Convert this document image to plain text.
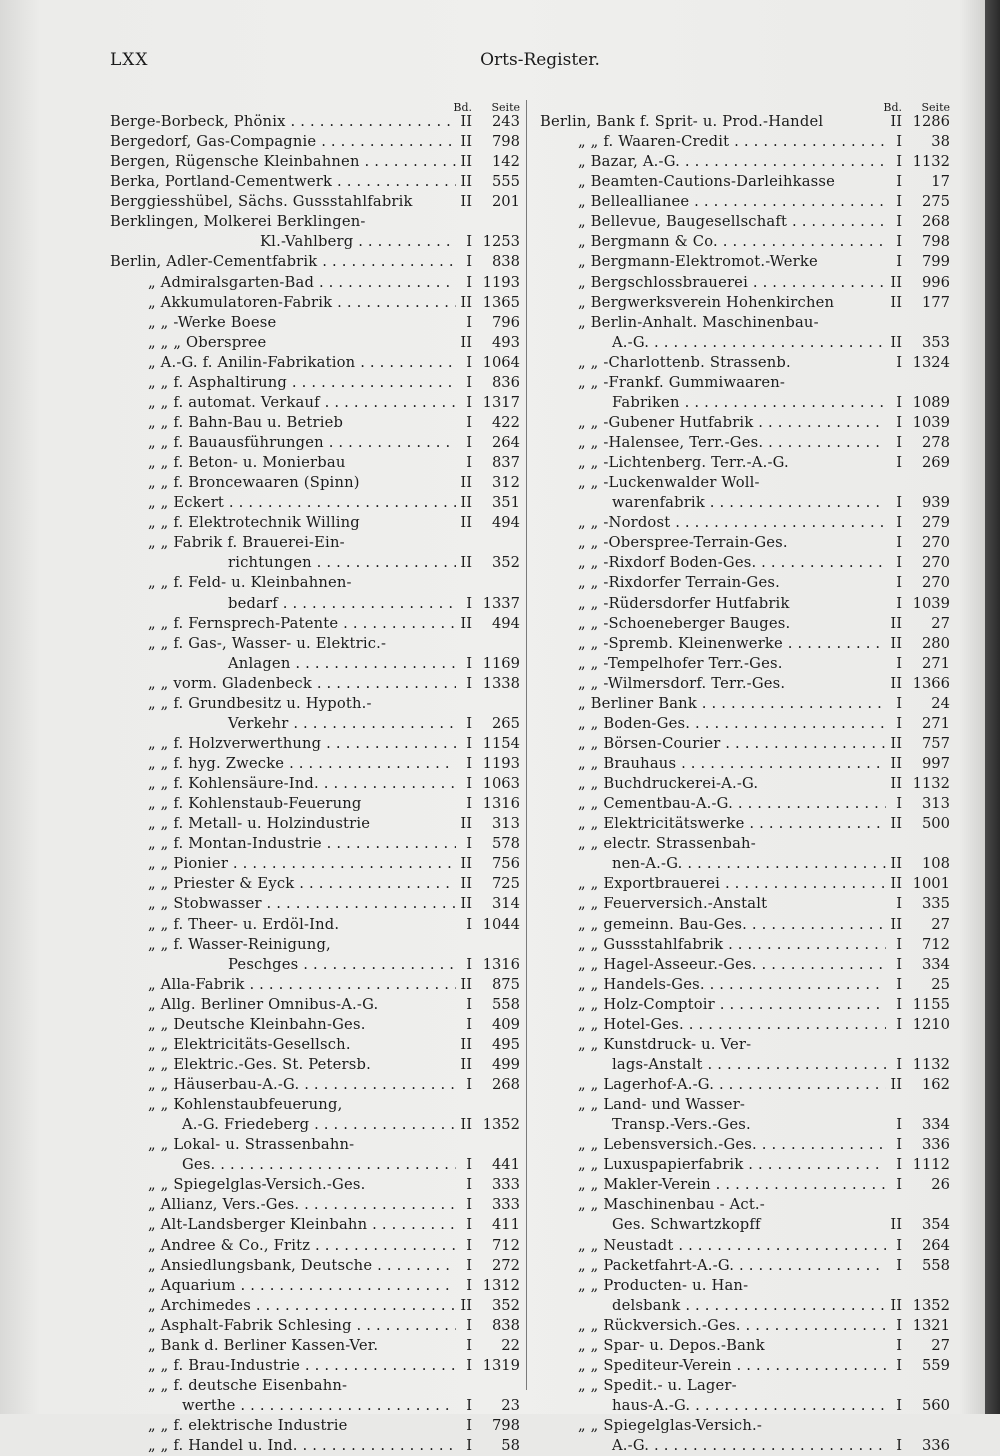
LXX	Orts-Register.
Bd. Seite
Berge-Borbeck, Phönix . . .	II	243
Bergedorf, Gas-Compagnie . . .	II	798
Bergen, Rügensche Kleinbahnen . . .	II	142
Berka, Portland-Cementwerk . . .	II	555
Berggiesshübel, Sächs. Gussstahlfabrik	II	201
Berklingen, Molkerei Berklingen-
Kl.-Vahlberg . . .	I 1253
Berlin, Adler-Cementfabrik . . .	I	838
„ Admiralsgarten-Bad . . .	I 1193
„ Akkumulatoren-Fabrik . . .	II 1365
„ „ -Werke Boese	I	796
„ „ „ Oberspree	II	493
„ A.-G. f. Anilin-Fabrikation . . .	I 1064
„ „ f. Asphaltirung . . .	I	836
„ „ f. automat. Verkauf . . .	I 1317
„ „ f. Bahn-Bau u. Betrieb	I	422
„ „ f. Bauausführungen . . .	I	264
„ „ f. Beton- u. Monierbau	I	837
„ „ f. Broncewaaren (Spinn)	II	312
„ „ Eckert . . .	II	351
„ „ f. Elektrotechnik Willing	II	494
„ „ Fabrik f. Brauerei-Ein-
richtungen . . .	II	352
„ „ f. Feld- u. Kleinbahnen-
bedarf . . .	I 1337
„ „ f. Fernsprech-Patente . . .	II	494
„ „ f. Gas-, Wasser- u. Elektric.-
Anlagen . . .	I 1169
„ „ vorm. Gladenbeck . . .	I 1338
„ „ f. Grundbesitz u. Hypoth.-
Verkehr . . .	I	265
„ „ f. Holzverwerthung . . .	I 1154
„ „ f. hyg. Zwecke . . .	I 1193
„ „ f. Kohlensäure-Ind. . . .	I 1063
„ „ f. Kohlenstaub-Feuerung	I 1316
„ „ f. Metall- u. Holzindustrie	II	313
„ „ f. Montan-Industrie . . .	I	578
„ „ Pionier . . .	II	756
„ „ Priester & Eyck . . .	II	725
„ „ Stobwasser . . .	II	314
„ „ f. Theer- u. Erdöl-Ind.	I 1044
„ „ f. Wasser-Reinigung,
Peschges . . .	I 1316
„ Alla-Fabrik . . .	II	875
„ Allg. Berliner Omnibus-A.-G.	I	558
„ „ Deutsche Kleinbahn-Ges.	I	409
„ „ Elektricitäts-Gesellsch.	II	495
„ „ Elektric.-Ges. St. Petersb.	II	499
„ „ Häuserbau-A.-G. . . .	I	268
„ „ Kohlenstaubfeuerung,
A.-G. Friedeberg . . .	II 1352
„ „ Lokal- u. Strassenbahn-
Ges. . . .	I	441
„ „ Spiegelglas-Versich.-Ges.	I	333
„ Allianz, Vers.-Ges. . . .	I	333
„ Alt-Landsberger Kleinbahn . . .	I	411
„ Andree & Co., Fritz . . .	I	712
„ Ansiedlungsbank, Deutsche . . .	I	272
„ Aquarium . . .	I 1312
„ Archimedes . . .	II	352
„ Asphalt-Fabrik Schlesing . . .	I	838
„ Bank d. Berliner Kassen-Ver.	I	22
„ „ f. Brau-Industrie . . .	I 1319
„ „ f. deutsche Eisenbahn-
werthe . . .	I	23
„ „ f. elektrische Industrie	I	798
„ „ f. Handel u. Ind. . . .	I	58
Bd. Seite
Berlin, Bank f. Sprit- u. Prod.-Handel	II 1286
„ „ f. Waaren-Credit . . .	I	38
„ Bazar, A.-G. . . .	I 1132
„ Beamten-Cautions-Darleihkasse	I	17
„ Belleallianee . . .	I	275
„ Bellevue, Baugesellschaft . . .	I	268
„ Bergmann & Co. . . .	I	798
„ Bergmann-Elektromot.-Werke	I	799
„ Bergschlossbrauerei . . .	II	996
„ Bergwerksverein Hohenkirchen	II	177
„ Berlin-Anhalt. Maschinenbau-
A.-G. . . .	II	353
„ „ -Charlottenb. Strassenb.	I 1324
„ „ -Frankf. Gummiwaaren-
Fabriken . . .	I 1089
„ „ -Gubener Hutfabrik . . .	I 1039
„ „ -Halensee, Terr.-Ges. . . .	I	278
„ „ -Lichtenberg. Terr.-A.-G.	I	269
„ „ -Luckenwalder Woll-
warenfabrik . . .	I	939
„ „ -Nordost . . .	I	279
„ „ -Oberspree-Terrain-Ges.	I	270
„ „ -Rixdorf Boden-Ges. . . .	I	270
„ „ -Rixdorfer Terrain-Ges.	I	270
„ „ -Rüdersdorfer Hutfabrik	I 1039
„ „ -Schoeneberger Bauges.	II	27
„ „ -Spremb. Kleinenwerke . . .	II	280
„ „ -Tempelhofer Terr.-Ges.	I	271
„ „ -Wilmersdorf. Terr.-Ges.	II 1366
„ Berliner Bank . . .	I	24
„ „ Boden-Ges. . . .	I	271
„ „ Börsen-Courier . . .	II	757
„ „ Brauhaus . . .	II	997
„ „ Buchdruckerei-A.-G.	II 1132
„ „ Cementbau-A.-G. . . .	I	313
„ „ Elektricitätswerke . . .	II	500
„ „ electr. Strassenbah-
nen-A.-G. . . .	II	108
„ „ Exportbrauerei . . .	II 1001
„ „ Feuerversich.-Anstalt	I	335
„ „ gemeinn. Bau-Ges. . . .	II	27
„ „ Gussstahlfabrik . . .	I	712
„ „ Hagel-Asseeur.-Ges. . . .	I	334
„ „ Handels-Ges. . . .	I	25
„ „ Holz-Comptoir . . .	I 1155
„ „ Hotel-Ges. . . .	I 1210
„ „ Kunstdruck- u. Ver-
lags-Anstalt . . .	I 1132
„ „ Lagerhof-A.-G. . . .	II	162
„ „ Land- und Wasser-
Transp.-Vers.-Ges.	I	334
„ „ Lebensversich.-Ges. . . .	I	336
„ „ Luxuspapierfabrik . . .	I 1112
„ „ Makler-Verein . . .	I	26
„ „ Maschinenbau - Act.-
Ges. Schwartzkopff	II	354
„ „ Neustadt . . .	I	264
„ „ Packetfahrt-A.-G. . . .	I	558
„ „ Producten- u. Han-
delsbank . . .	II 1352
„ „ Rückversich.-Ges. . . .	I 1321
„ „ Spar- u. Depos.-Bank	I	27
„ „ Spediteur-Verein . . .	I	559
„ „ Spedit.- u. Lager-
haus-A.-G. . . .	I	560
„ „ Spiegelglas-Versich.-
A.-G. . . .	I	336
